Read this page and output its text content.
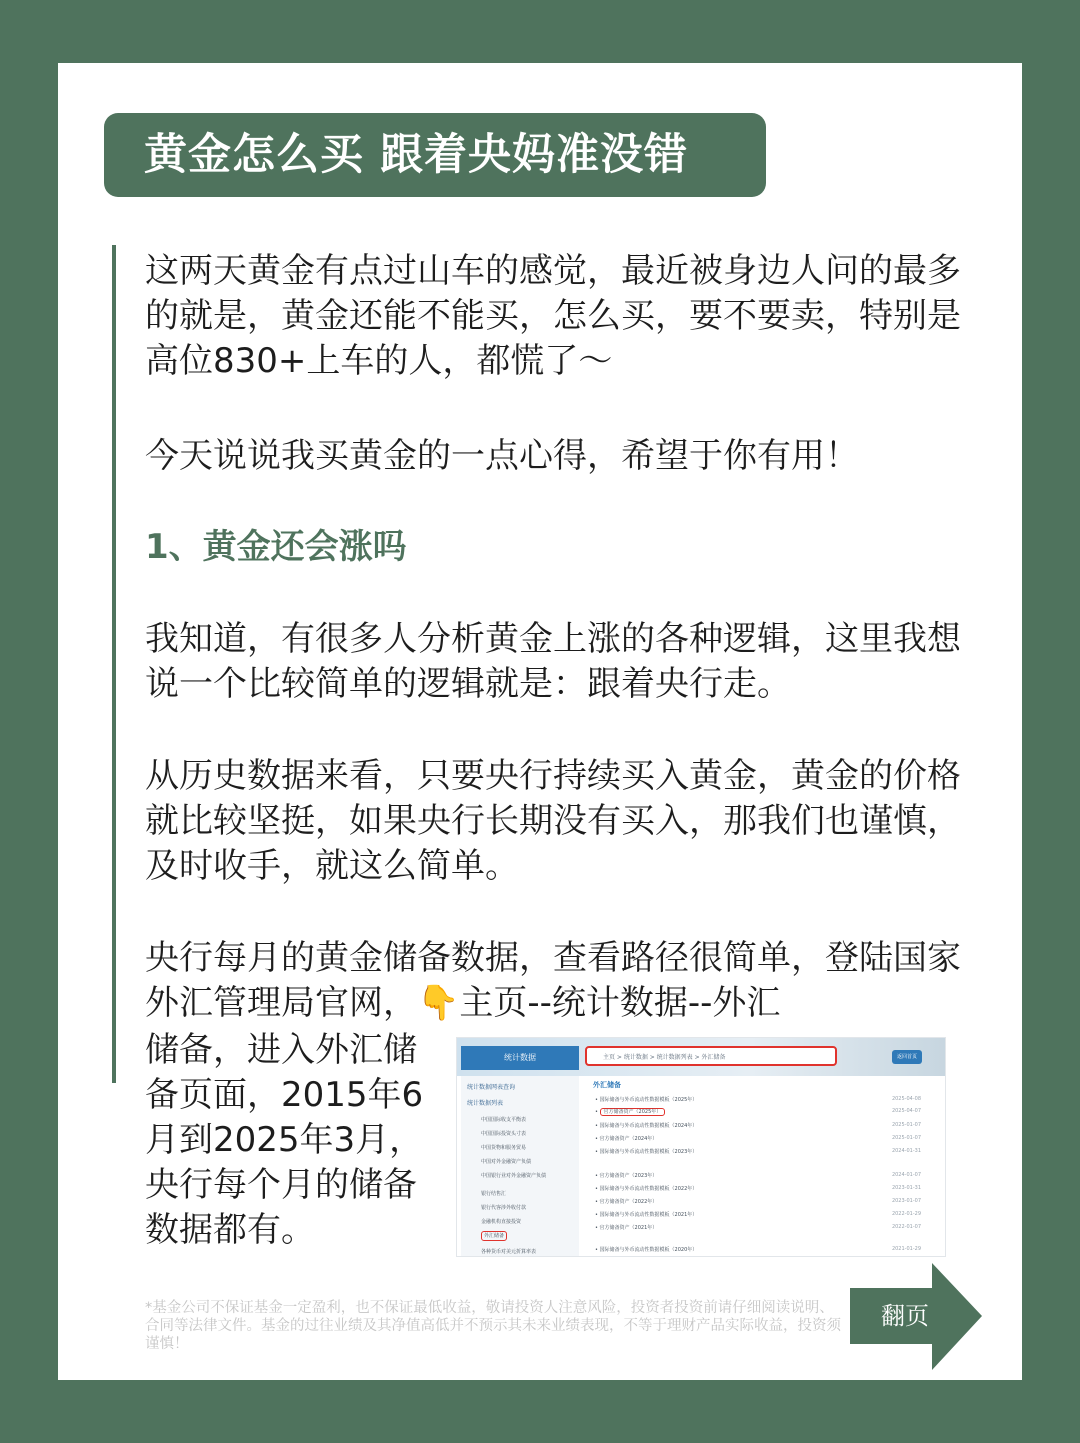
黄金怎么买 跟着央妈准没错

这两天黄金有点过山车的感觉，最近被身边人问的最多的就是，黄金还能不能买，怎么买，要不要卖，特别是高位830+上车的人，都慌了～

今天说说我买黄金的一点心得，希望于你有用！

1、黄金还会涨吗

我知道，有很多人分析黄金上涨的各种逻辑，这里我想说一个比较简单的逻辑就是：跟着央行走。

从历史数据来看，只要央行持续买入黄金，黄金的价格就比较坚挺，如果央行长期没有买入，那我们也谨慎，及时收手，就这么简单。

央行每月的黄金储备数据，查看路径很简单，登陆国家外汇管理局官网，👇主页--统计数据--外汇

储备，进入外汇储备页面，2015年6月到2025年3月，央行每个月的储备数据都有。

统计数据	主页 > 统计数据 > 统计数据列表 > 外汇储备	返回首页
统计数据网表查询
统计数据列表
中国国际收支平衡表
中国国际投资头寸表
中国货物和服务贸易
中国对外金融资产负债
中国银行业对外金融资产负债
银行结售汇
银行代客涉外收付款
金融机构直接投资
外汇储备
各种货币对美元折算率表
外汇储备
• 国际储备与外币流动性数据模板（2025年）	2025-04-08
• 官方储备资产（2025年）	2025-04-07
• 国际储备与外币流动性数据模板（2024年）	2025-01-07
• 官方储备资产（2024年）	2025-01-07
• 国际储备与外币流动性数据模板（2023年）	2024-01-31
• 官方储备资产（2023年）	2024-01-07
• 国际储备与外币流动性数据模板（2022年）	2023-01-31
• 官方储备资产（2022年）	2023-01-07
• 国际储备与外币流动性数据模板（2021年）	2022-01-29
• 官方储备资产（2021年）	2022-01-07
• 国际储备与外币流动性数据模板（2020年）	2021-01-29
*基金公司不保证基金一定盈利，也不保证最低收益，敬请投资人注意风险，投资者投资前请仔细阅读说明、合同等法律文件。基金的过往业绩及其净值高低并不预示其未来业绩表现，不等于理财产品实际收益，投资须谨慎！
翻页
